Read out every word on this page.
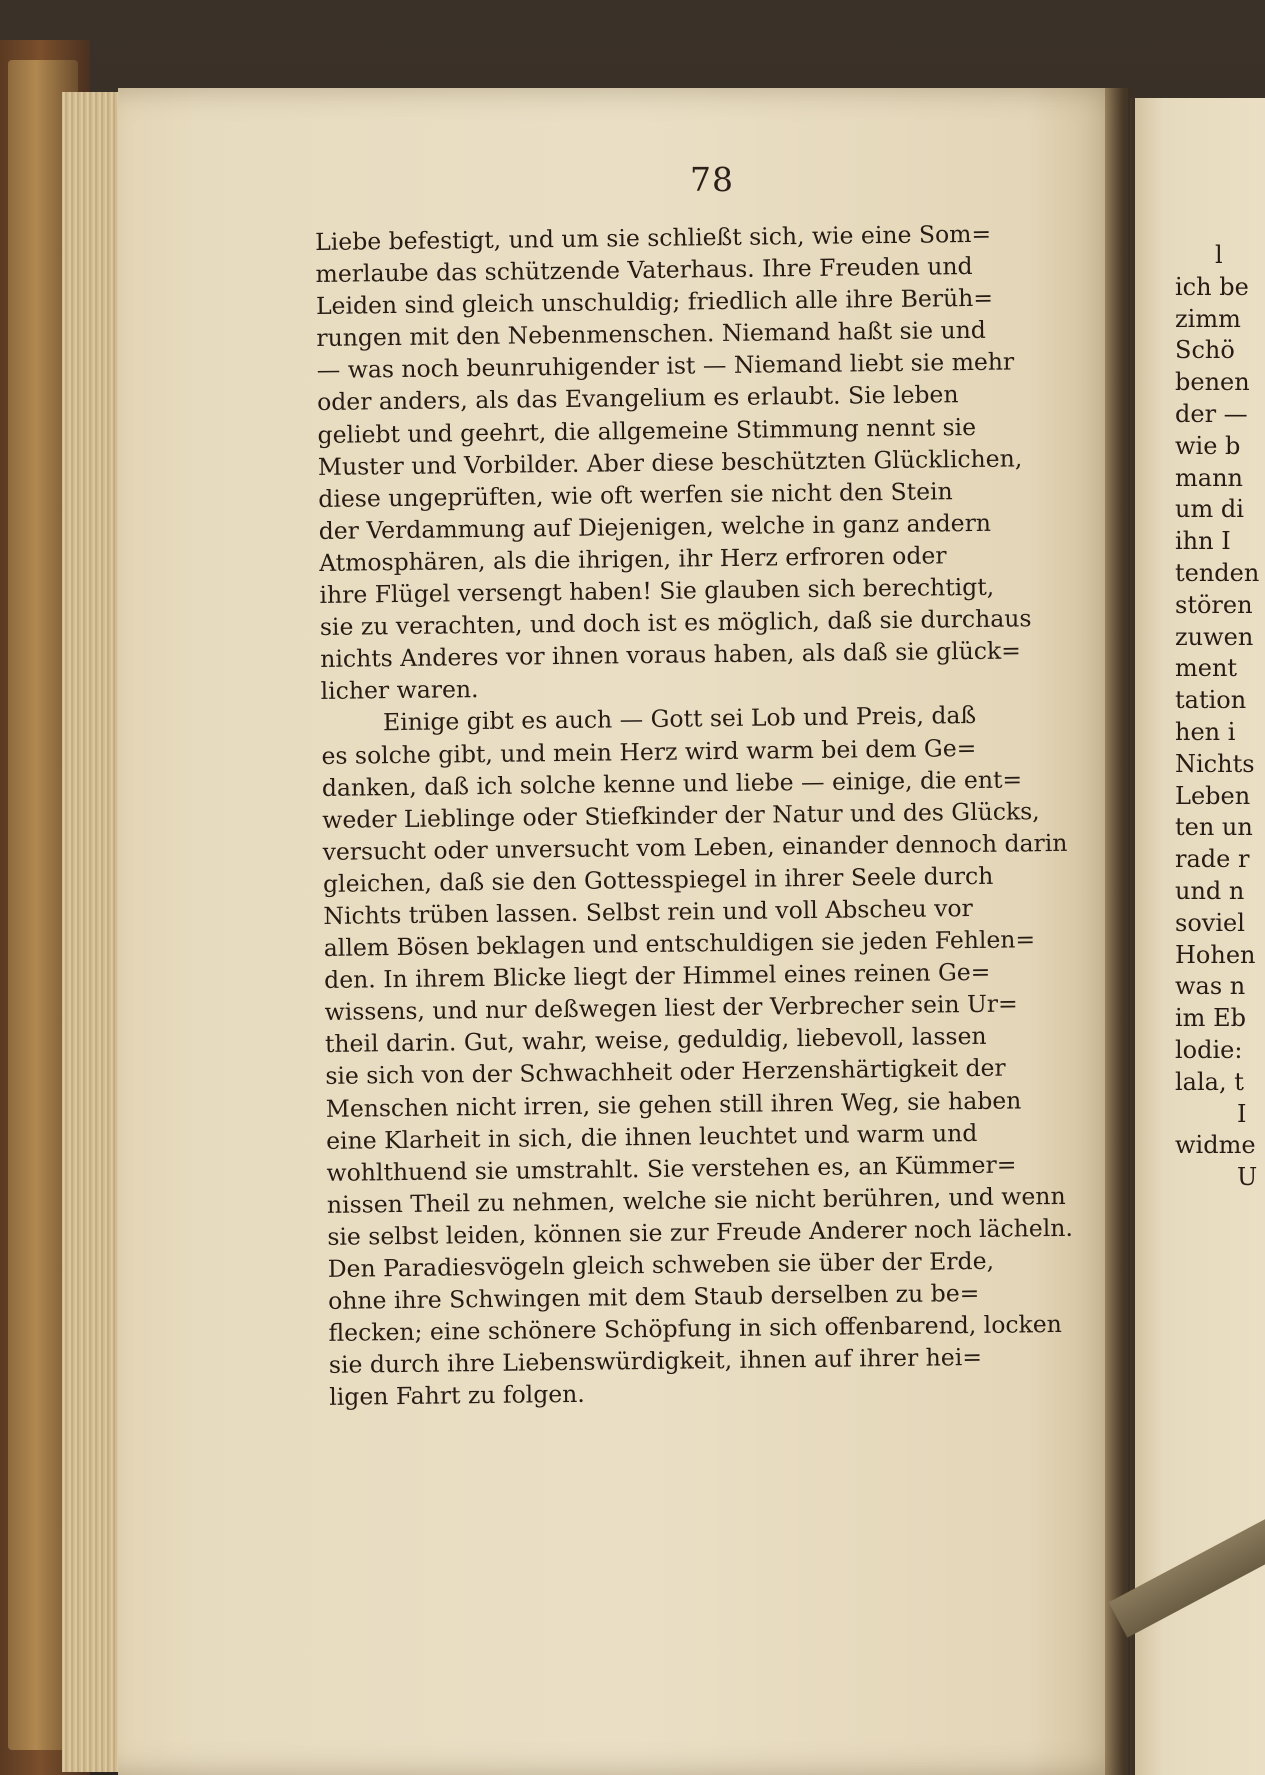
78
Liebe befestigt, und um sie schließt sich, wie eine Som=
merlaube das schützende Vaterhaus. Ihre Freuden und
Leiden sind gleich unschuldig; friedlich alle ihre Berüh=
rungen mit den Nebenmenschen. Niemand haßt sie und
— was noch beunruhigender ist — Niemand liebt sie mehr
oder anders, als das Evangelium es erlaubt. Sie leben
geliebt und geehrt, die allgemeine Stimmung nennt sie
Muster und Vorbilder. Aber diese beschützten Glücklichen,
diese ungeprüften, wie oft werfen sie nicht den Stein
der Verdammung auf Diejenigen, welche in ganz andern
Atmosphären, als die ihrigen, ihr Herz erfroren oder
ihre Flügel versengt haben! Sie glauben sich berechtigt,
sie zu verachten, und doch ist es möglich, daß sie durchaus
nichts Anderes vor ihnen voraus haben, als daß sie glück=
licher waren.
Einige gibt es auch — Gott sei Lob und Preis, daß
es solche gibt, und mein Herz wird warm bei dem Ge=
danken, daß ich solche kenne und liebe — einige, die ent=
weder Lieblinge oder Stiefkinder der Natur und des Glücks,
versucht oder unversucht vom Leben, einander dennoch darin
gleichen, daß sie den Gottesspiegel in ihrer Seele durch
Nichts trüben lassen. Selbst rein und voll Abscheu vor
allem Bösen beklagen und entschuldigen sie jeden Fehlen=
den. In ihrem Blicke liegt der Himmel eines reinen Ge=
wissens, und nur deßwegen liest der Verbrecher sein Ur=
theil darin. Gut, wahr, weise, geduldig, liebevoll, lassen
sie sich von der Schwachheit oder Herzenshärtigkeit der
Menschen nicht irren, sie gehen still ihren Weg, sie haben
eine Klarheit in sich, die ihnen leuchtet und warm und
wohlthuend sie umstrahlt. Sie verstehen es, an Kümmer=
nissen Theil zu nehmen, welche sie nicht berühren, und wenn
sie selbst leiden, können sie zur Freude Anderer noch lächeln.
Den Paradiesvögeln gleich schweben sie über der Erde,
ohne ihre Schwingen mit dem Staub derselben zu be=
flecken; eine schönere Schöpfung in sich offenbarend, locken
sie durch ihre Liebenswürdigkeit, ihnen auf ihrer hei=
ligen Fahrt zu folgen.
l
ich be
zimm
Schö
benen
der —
wie b
mann
um di
ihn I
tenden
stören
zuwen
ment
tation
hen i
Nichts
Leben
ten un
rade r
und n
soviel
Hohen
was n
im Eb
lodie:
lala, t
I
widme
U
